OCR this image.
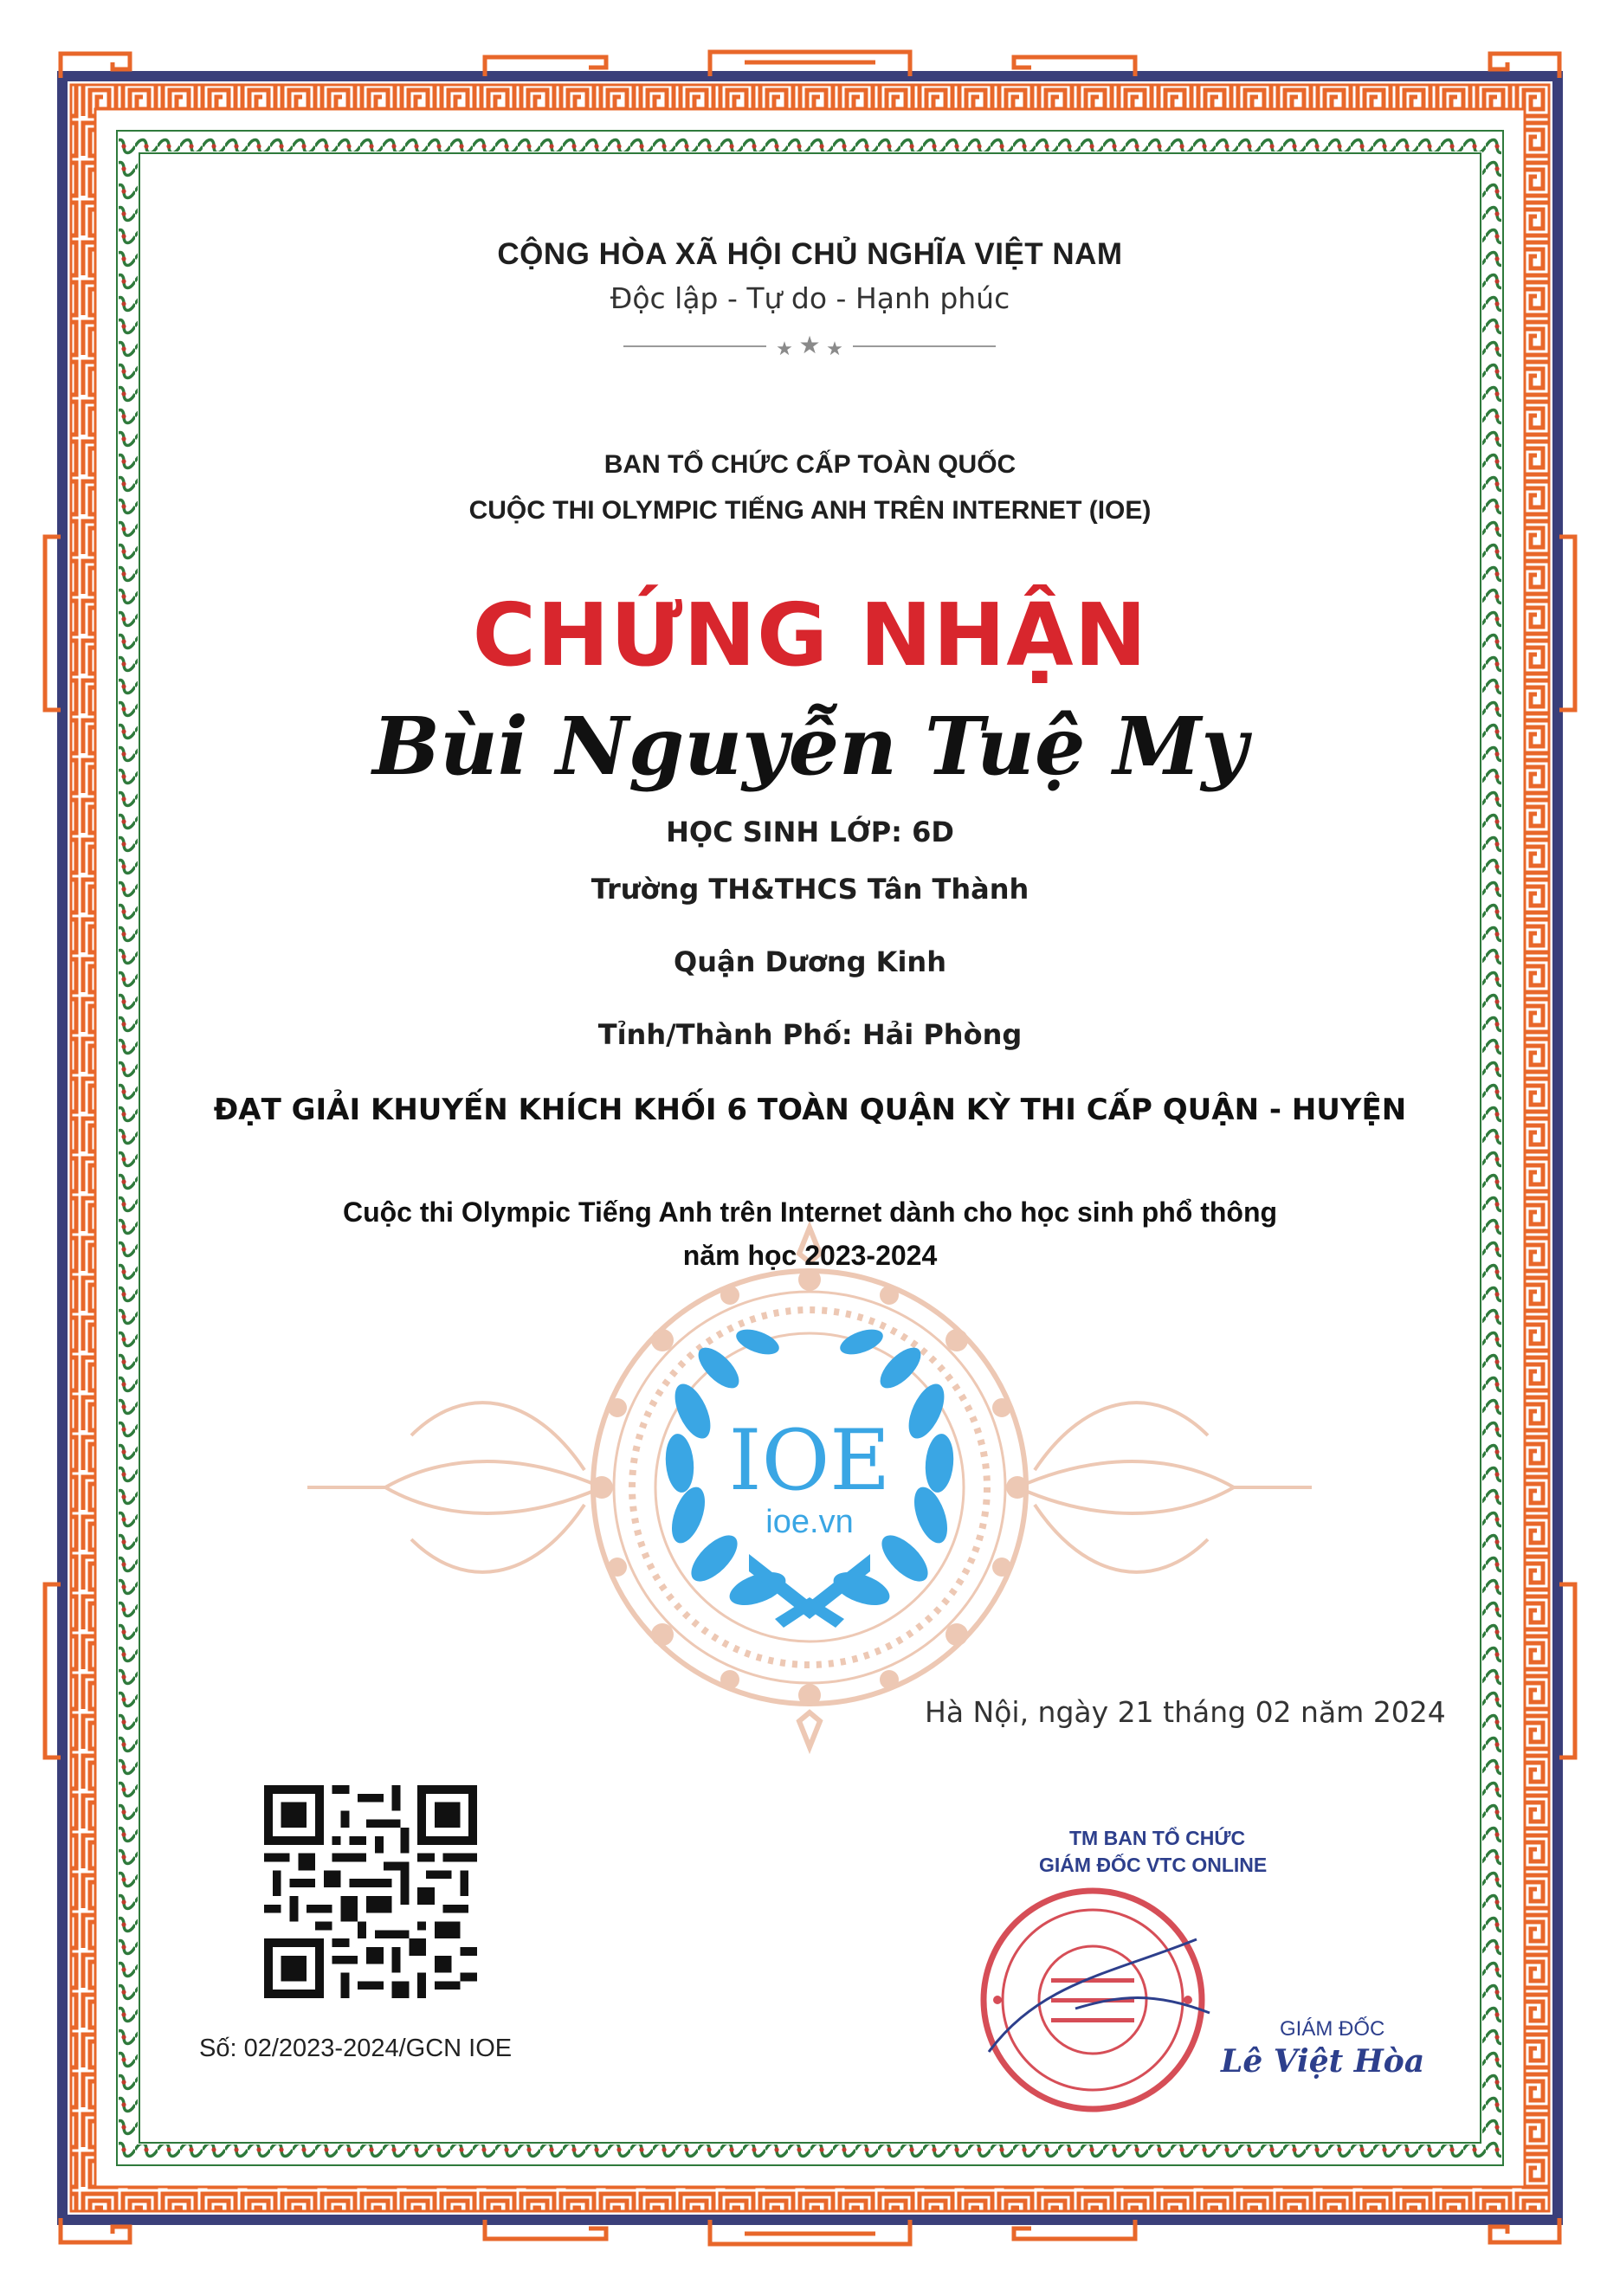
★ ★ ★
IOE
ioe.vn
CỘNG HÒA XÃ HỘI CHỦ NGHĨA VIỆT NAM
Độc lập - Tự do - Hạnh phúc
BAN TỔ CHỨC CẤP TOÀN QUỐC
CUỘC THI OLYMPIC TIẾNG ANH TRÊN INTERNET (IOE)
CHỨNG NHẬN
Bùi Nguyễn Tuệ My
HỌC SINH LỚP: 6D
Trường TH&THCS Tân Thành
Quận Dương Kinh
Tỉnh/Thành Phố: Hải Phòng
ĐẠT GIẢI KHUYẾN KHÍCH KHỐI 6 TOÀN QUẬN KỲ THI CẤP QUẬN - HUYỆN
Cuộc thi Olympic Tiếng Anh trên Internet dành cho học sinh phổ thông
năm học 2023-2024
Hà Nội, ngày 21 tháng 02 năm 2024
Số: 02/2023-2024/GCN IOE
TM BAN TỔ CHỨC
GIÁM ĐỐC VTC ONLINE
GIÁM ĐỐC
Lê Việt Hòa
